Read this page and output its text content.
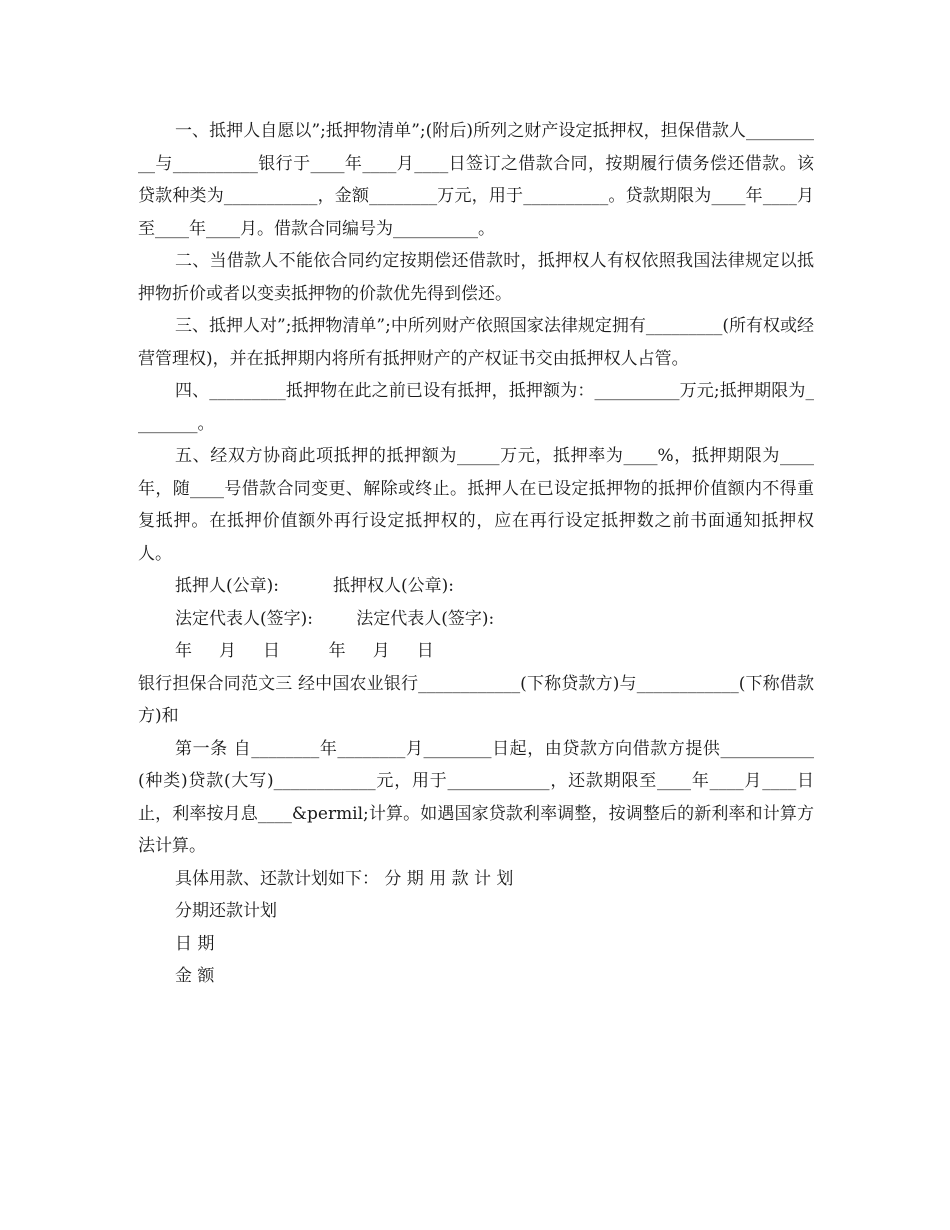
一、抵押人自愿以”;抵押物清单”;(附后)所列之财产设定抵押权，担保借款人__________与__________银行于____年____月____日签订之借款合同，按期履行债务偿还借款。该贷款种类为___________，金额________万元，用于__________。贷款期限为____年____月至____年____月。借款合同编号为__________。

二、当借款人不能依合同约定按期偿还借款时，抵押权人有权依照我国法律规定以抵押物折价或者以变卖抵押物的价款优先得到偿还。

三、抵押人对”;抵押物清单”;中所列财产依照国家法律规定拥有_________(所有权或经营管理权)，并在抵押期内将所有抵押财产的产权证书交由抵押权人占管。

四、_________抵押物在此之前已设有抵押，抵押额为：__________万元;抵押期限为________。

五、经双方协商此项抵押的抵押额为_____万元，抵押率为____%，抵押期限为____年，随____号借款合同变更、解除或终止。抵押人在已设定抵押物的抵押价值额内不得重复抵押。在抵押价值额外再行设定抵押权的，应在再行设定抵押数之前书面通知抵押权人。

抵押人(公章):          抵押权人(公章):
法定代表人(签字):        法定代表人(签字):
年     月     日         年     月     日

银行担保合同范文三 经中国农业银行____________(下称贷款方)与____________(下称借款方)和

第一条 自________年________月________日起，由贷款方向借款方提供___________(种类)贷款(大写)____________元，用于____________，还款期限至____年____月____日止，利率按月息____&permil;计算。如遇国家贷款利率调整，按调整后的新利率和计算方法计算。

具体用款、还款计划如下： 分 期 用 款 计 划
分期还款计划
日 期
金 额
